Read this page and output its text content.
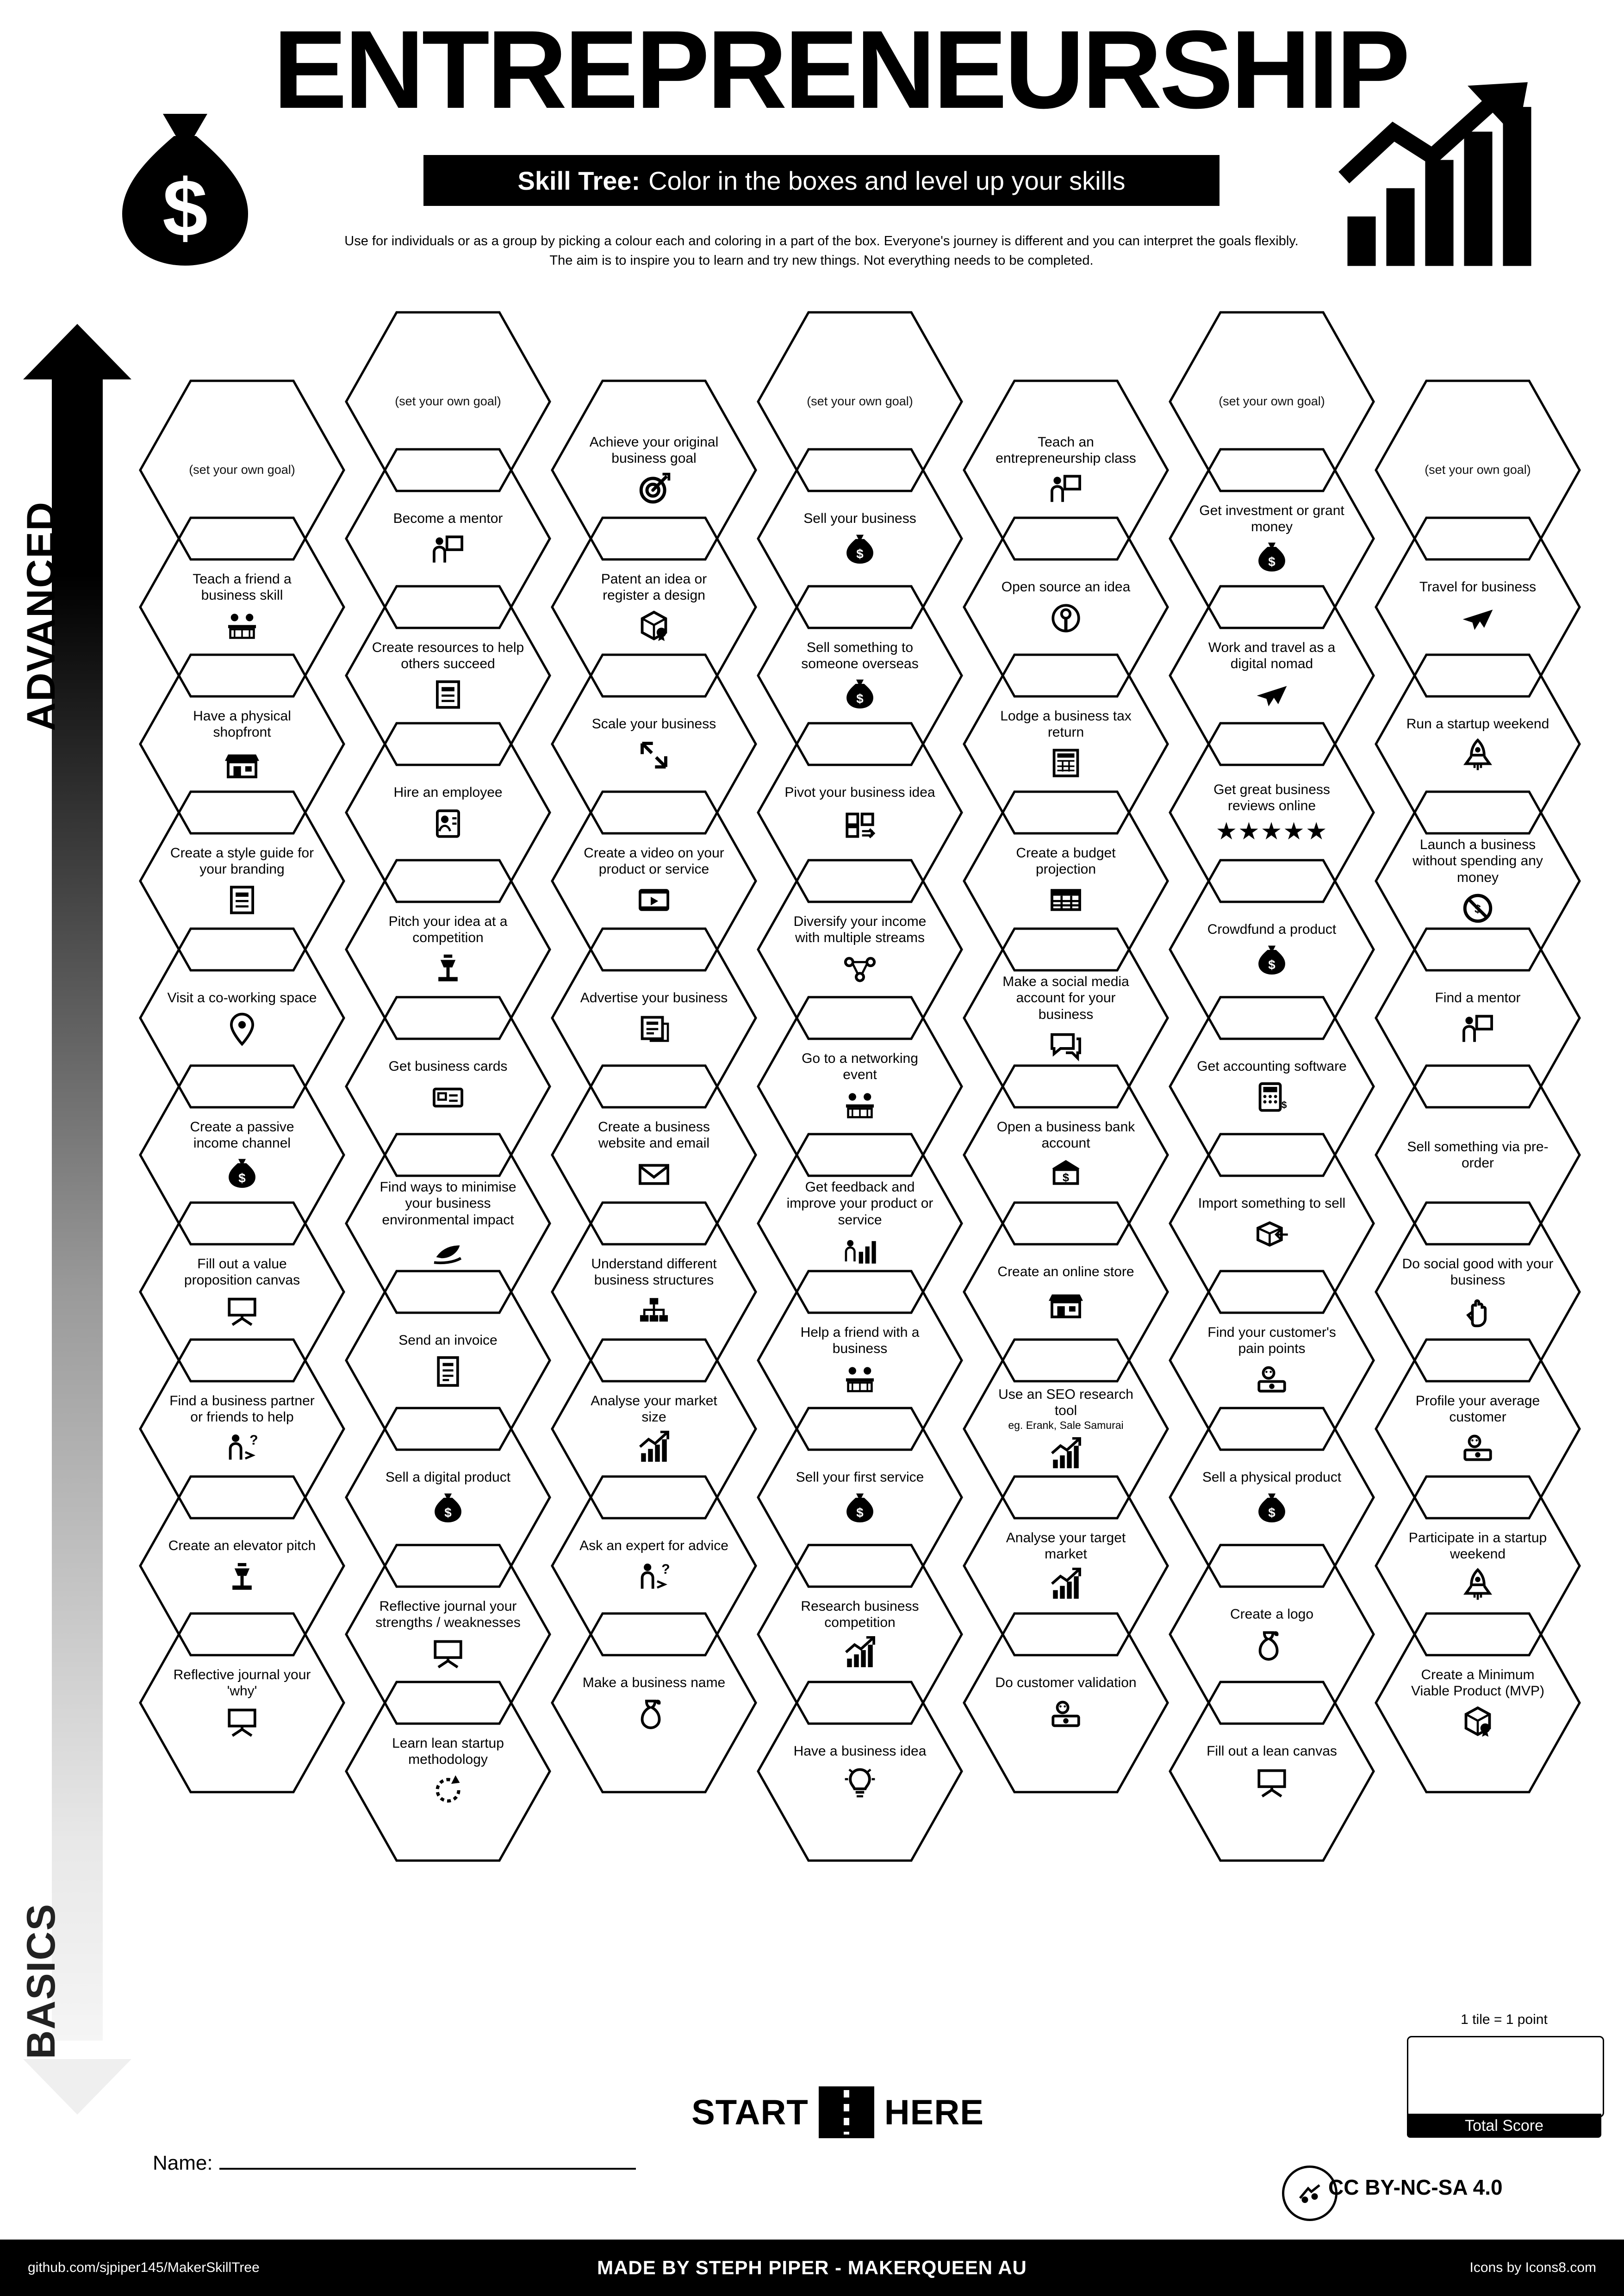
$
ENTREPRENEURSHIP
Skill Tree: Color in the boxes and level up your skills
Use for individuals or as a group by picking a colour each and coloring in a part of the box. Everyone's journey is different and you can interpret the goals flexibly. The aim is to inspire you to learn and try new things. Not everything needs to be completed.
ADVANCED
BASICS
(set your own goal)
Teach a friend a business skill
Have a physical shopfront
Create a style guide for your branding
Visit a co-working space
Create a passive income channel
$
Fill out a value proposition canvas
Find a business partner or friends to help
?
Create an elevator pitch
Reflective journal your 'why'
(set your own goal)
Become a mentor
Create resources to help others succeed
Hire an employee
Pitch your idea at a competition
Get business cards
Find ways to minimise your business environmental impact
Send an invoice
Sell a digital product
$
Reflective journal your strengths / weaknesses
Learn lean startup methodology
Achieve your original business goal
Patent an idea or register a design
Scale your business
Create a video on your product or service
Advertise your business
Create a business website and email
Understand different business structures
Analyse your market size
Ask an expert for advice
?
Make a business name
(set your own goal)
Sell your business
$
Sell something to someone overseas
$
Pivot your business idea
Diversify your income with multiple streams
Go to a networking event
Get feedback and improve your product or service
Help a friend with a business
Sell your first service
$
Research business competition
Have a business idea
Teach an entrepreneurship class
Open source an idea
Lodge a business tax return
Create a budget projection
Make a social media account for your business
Open a business bank account
$
Create an online store
Use an SEO research tool
eg. Erank, Sale Samurai
Analyse your target market
Do customer validation
(set your own goal)
Get investment or grant money
$
Work and travel as a digital nomad
Get great business reviews online
★★★★★
Crowdfund a product
$
Get accounting software
$
Import something to sell
Find your customer's pain points
Sell a physical product
$
Create a logo
Fill out a lean canvas
(set your own goal)
Travel for business
Run a startup weekend
Launch a business without spending any money
$
Find a mentor
Sell something via pre-order
Do social good with your business
Profile your average customer
Participate in a startup weekend
Create a Minimum Viable Product (MVP)
START HERE
1 tile = 1 point
Total Score
Name:
CC BY-NC-SA 4.0
MADE BY STEPH PIPER - MAKERQUEEN AU
github.com/sjpiper145/MakerSkillTree	Icons by Icons8.com
